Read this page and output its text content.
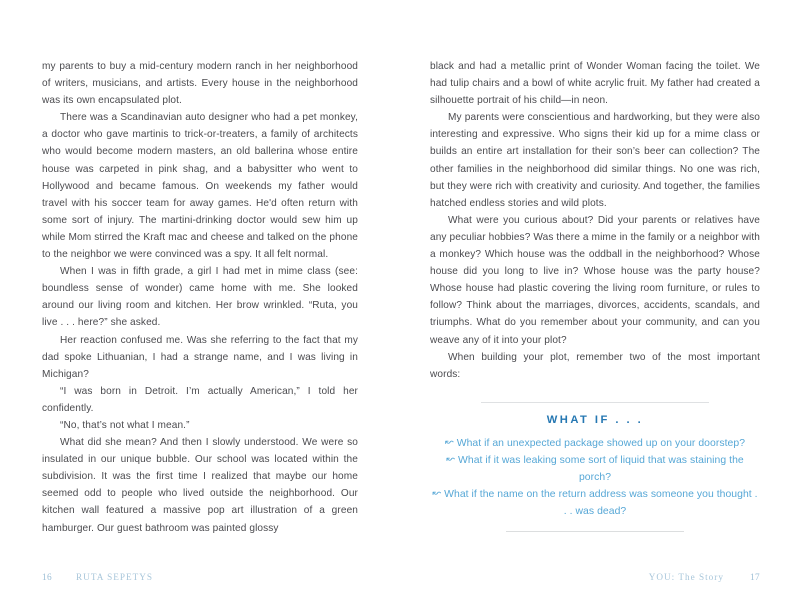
my parents to buy a mid-century modern ranch in her neighborhood of writers, musicians, and artists. Every house in the neighborhood was its own encapsulated plot.

There was a Scandinavian auto designer who had a pet monkey, a doctor who gave martinis to trick-or-treaters, a family of architects who would become modern masters, an old ballerina whose entire house was carpeted in pink shag, and a babysitter who went to Hollywood and became famous. On weekends my father would travel with his soccer team for away games. He'd often return with some sort of injury. The martini-drinking doctor would sew him up while Mom stirred the Kraft mac and cheese and talked on the phone to the neighbor we were convinced was a spy. It all felt normal.

When I was in fifth grade, a girl I had met in mime class (see: boundless sense of wonder) came home with me. She looked around our living room and kitchen. Her brow wrinkled. “Ruta, you live . . . here?” she asked.

Her reaction confused me. Was she referring to the fact that my dad spoke Lithuanian, I had a strange name, and I was living in Michigan?

“I was born in Detroit. I’m actually American,” I told her confidently.

“No, that’s not what I mean.”

What did she mean? And then I slowly understood. We were so insulated in our unique bubble. Our school was located within the subdivision. It was the first time I realized that maybe our home seemed odd to people who lived outside the neighborhood. Our kitchen wall featured a massive pop art illustration of a green hamburger. Our guest bathroom was painted glossy

16	RUTA SEPETYS

black and had a metallic print of Wonder Woman facing the toilet. We had tulip chairs and a bowl of white acrylic fruit. My father had created a silhouette portrait of his child—in neon.

My parents were conscientious and hardworking, but they were also interesting and expressive. Who signs their kid up for a mime class or builds an entire art installation for their son’s beer can collection? The other families in the neighborhood did similar things. No one was rich, but they were rich with creativity and curiosity. And together, the families hatched endless stories and wild plots.

What were you curious about? Did your parents or relatives have any peculiar hobbies? Was there a mime in the family or a neighbor with a monkey? Which house was the oddball in the neighborhood? Whose house did you long to live in? Whose house was the party house? Whose house had plastic covering the living room furniture, or rules to follow? Think about the marriages, divorces, accidents, scandals, and triumphs. What do you remember about your community, and can you weave any of it into your plot?

When building your plot, remember two of the most important words:

WHAT IF . . .
↜ What if an unexpected package showed up on your doorstep?
↜ What if it was leaking some sort of liquid that was staining the porch?
↜ What if the name on the return address was someone you thought . . . was dead?
YOU: The Story	17
